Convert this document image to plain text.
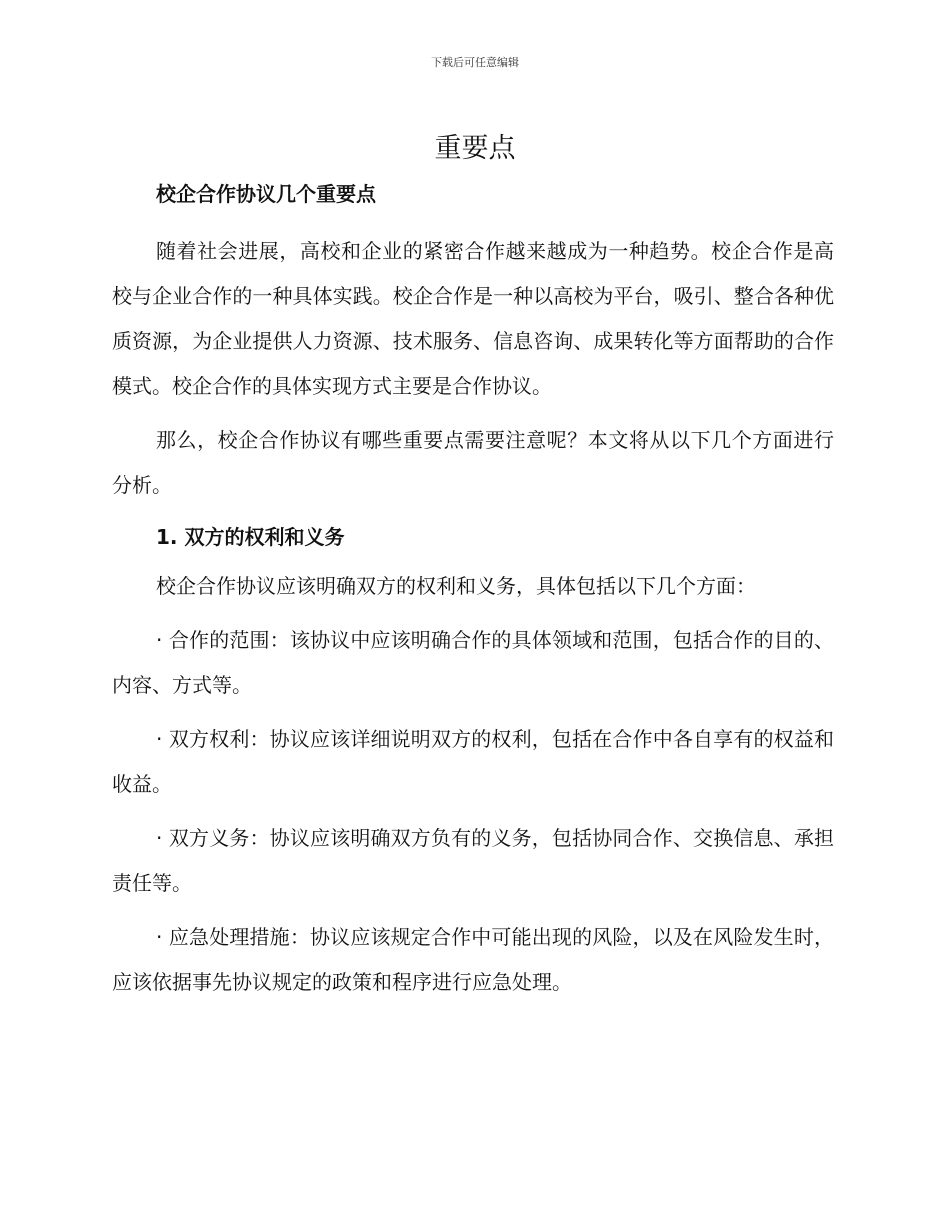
下载后可任意编辑
重要点

校企合作协议几个重要点

随着社会进展，高校和企业的紧密合作越来越成为一种趋势。校企合作是高校与企业合作的一种具体实践。校企合作是一种以高校为平台，吸引、整合各种优质资源，为企业提供人力资源、技术服务、信息咨询、成果转化等方面帮助的合作模式。校企合作的具体实现方式主要是合作协议。

那么，校企合作协议有哪些重要点需要注意呢？本文将从以下几个方面进行分析。

1. 双方的权利和义务

校企合作协议应该明确双方的权利和义务，具体包括以下几个方面：

· 合作的范围：该协议中应该明确合作的具体领域和范围，包括合作的目的、内容、方式等。

· 双方权利：协议应该详细说明双方的权利，包括在合作中各自享有的权益和收益。

· 双方义务：协议应该明确双方负有的义务，包括协同合作、交换信息、承担责任等。

· 应急处理措施：协议应该规定合作中可能出现的风险，以及在风险发生时，应该依据事先协议规定的政策和程序进行应急处理。
